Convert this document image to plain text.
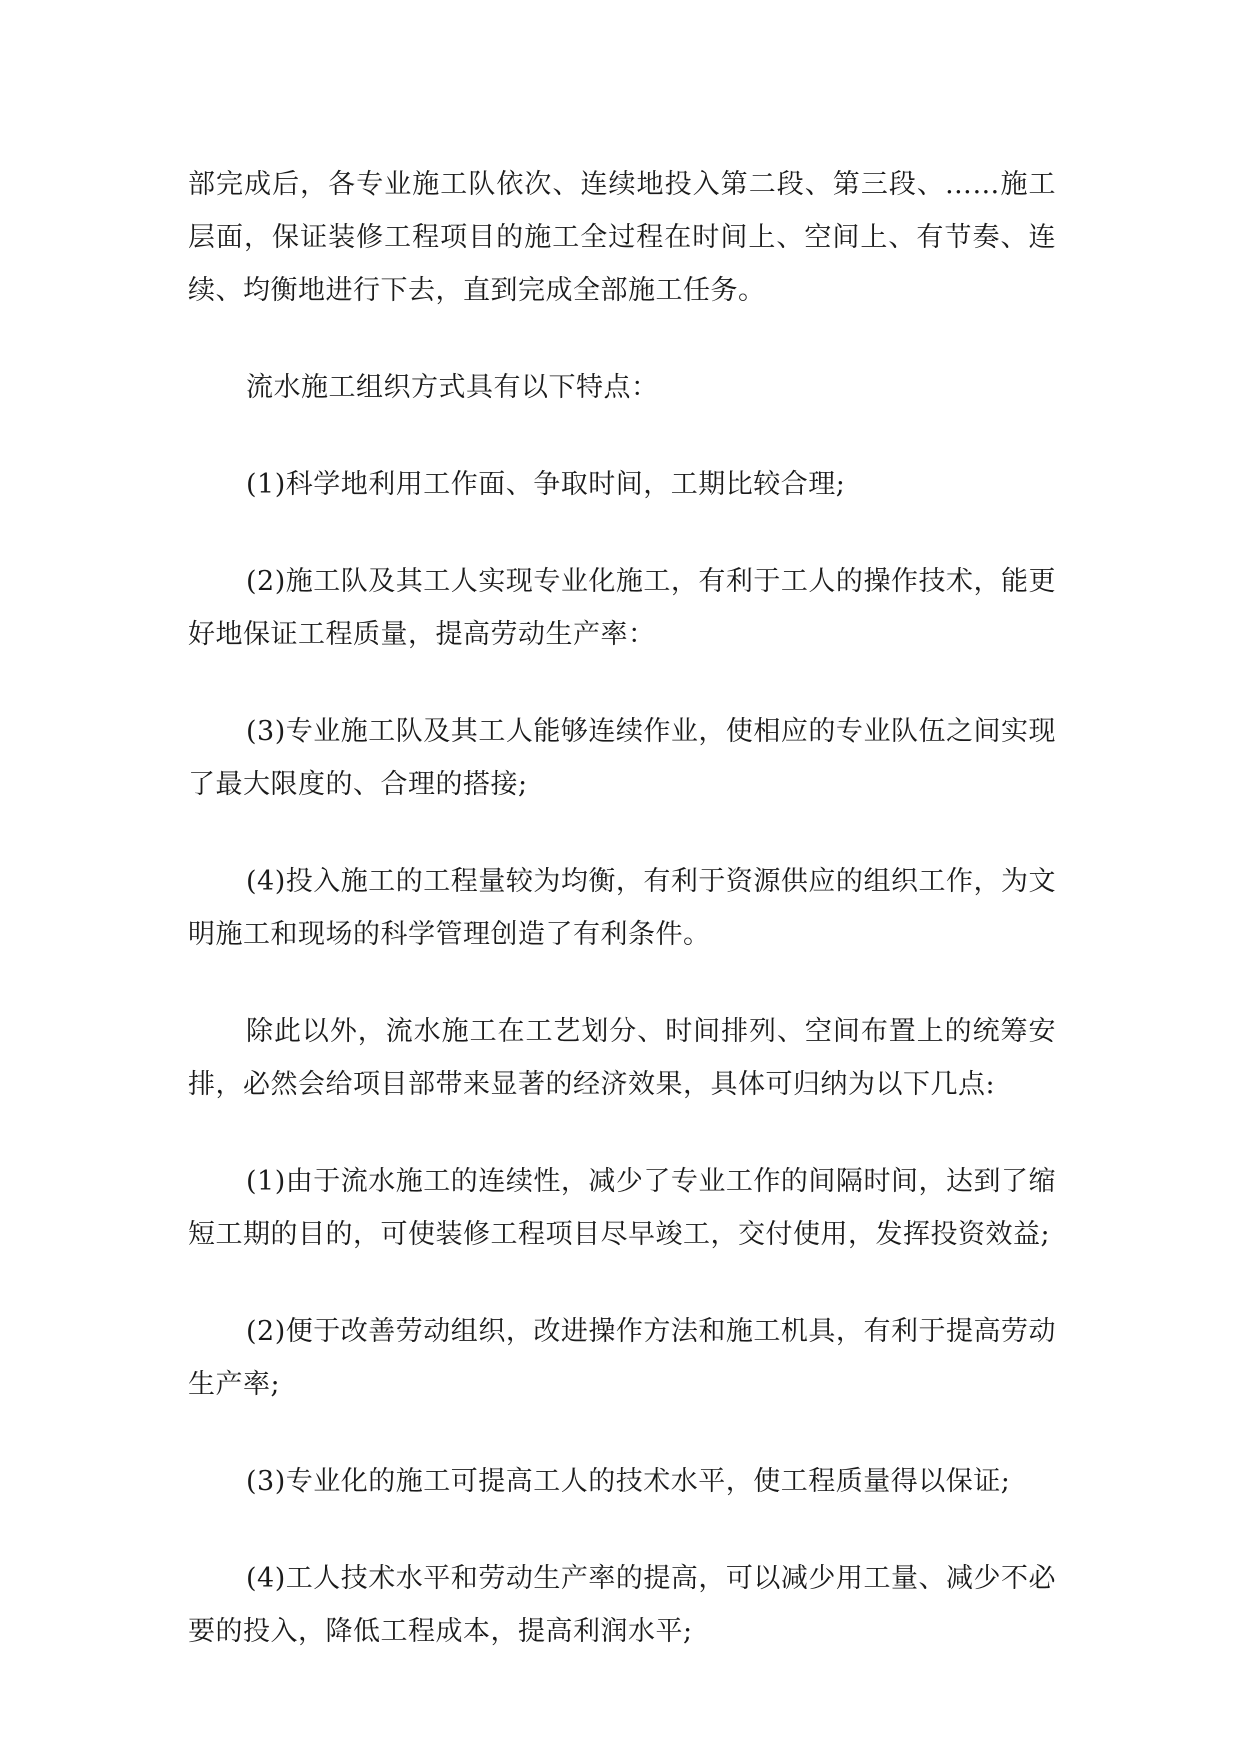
部完成后，各专业施工队依次、连续地投入第二段、第三段、……施工层面，保证装修工程项目的施工全过程在时间上、空间上、有节奏、连续、均衡地进行下去，直到完成全部施工任务。

流水施工组织方式具有以下特点：

(1)科学地利用工作面、争取时间，工期比较合理;

(2)施工队及其工人实现专业化施工，有利于工人的操作技术，能更好地保证工程质量，提高劳动生产率：

(3)专业施工队及其工人能够连续作业，使相应的专业队伍之间实现了最大限度的、合理的搭接;

(4)投入施工的工程量较为均衡，有利于资源供应的组织工作，为文明施工和现场的科学管理创造了有利条件。

除此以外，流水施工在工艺划分、时间排列、空间布置上的统筹安排，必然会给项目部带来显著的经济效果，具体可归纳为以下几点:

(1)由于流水施工的连续性，减少了专业工作的间隔时间，达到了缩短工期的目的，可使装修工程项目尽早竣工，交付使用，发挥投资效益;

(2)便于改善劳动组织，改进操作方法和施工机具，有利于提高劳动生产率;

(3)专业化的施工可提高工人的技术水平，使工程质量得以保证;

(4)工人技术水平和劳动生产率的提高，可以减少用工量、减少不必要的投入，降低工程成本，提高利润水平;
